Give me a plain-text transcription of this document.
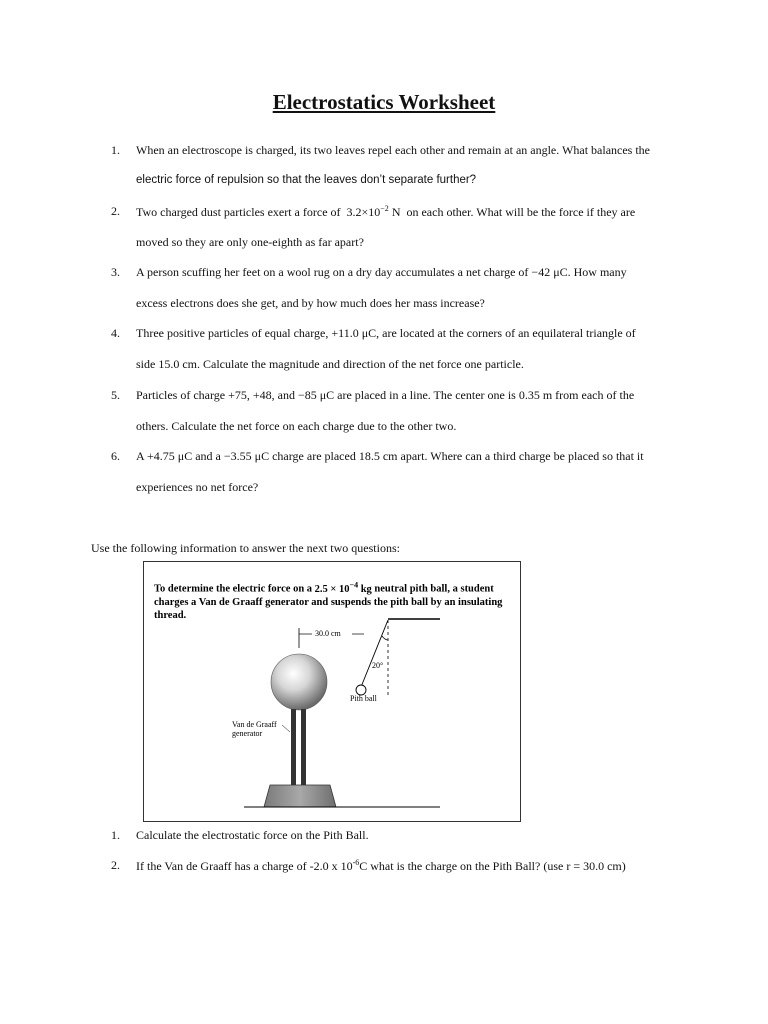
Electrostatics Worksheet
1. When an electroscope is charged, its two leaves repel each other and remain at an angle. What balances the
electric force of repulsion so that the leaves don’t separate further?
2. Two charged dust particles exert a force of $3.2\times 10^{-2}$ N on each other. What will be the force if they are
moved so they are only one-eighth as far apart?
3. A person scuffing her feet on a wool rug on a dry day accumulates a net charge of −42 μC. How many
excess electrons does she get, and by how much does her mass increase?
4. Three positive particles of equal charge, +11.0 μC, are located at the corners of an equilateral triangle of
side 15.0 cm. Calculate the magnitude and direction of the net force one particle.
5. Particles of charge +75, +48, and −85 μC are placed in a line. The center one is 0.35 m from each of the
others. Calculate the net force on each charge due to the other two.
6. A +4.75 μC and a −3.55 μC charge are placed 18.5 cm apart. Where can a third charge be placed so that it
experiences no net force?
Use the following information to answer the next two questions:
To determine the electric force on a $2.5 \times 10^{-4}$ kg neutral pith ball, a student charges a Van de Graaff generator and suspends the pith ball by an insulating thread.
30.0 cm
20°
Pith ball
Van de Graaff
generator
1. Calculate the electrostatic force on the Pith Ball.
2. If the Van de Graaff has a charge of -2.0 x $10^{-6}C$ what is the charge on the Pith Ball? (use r = 30.0 cm)
